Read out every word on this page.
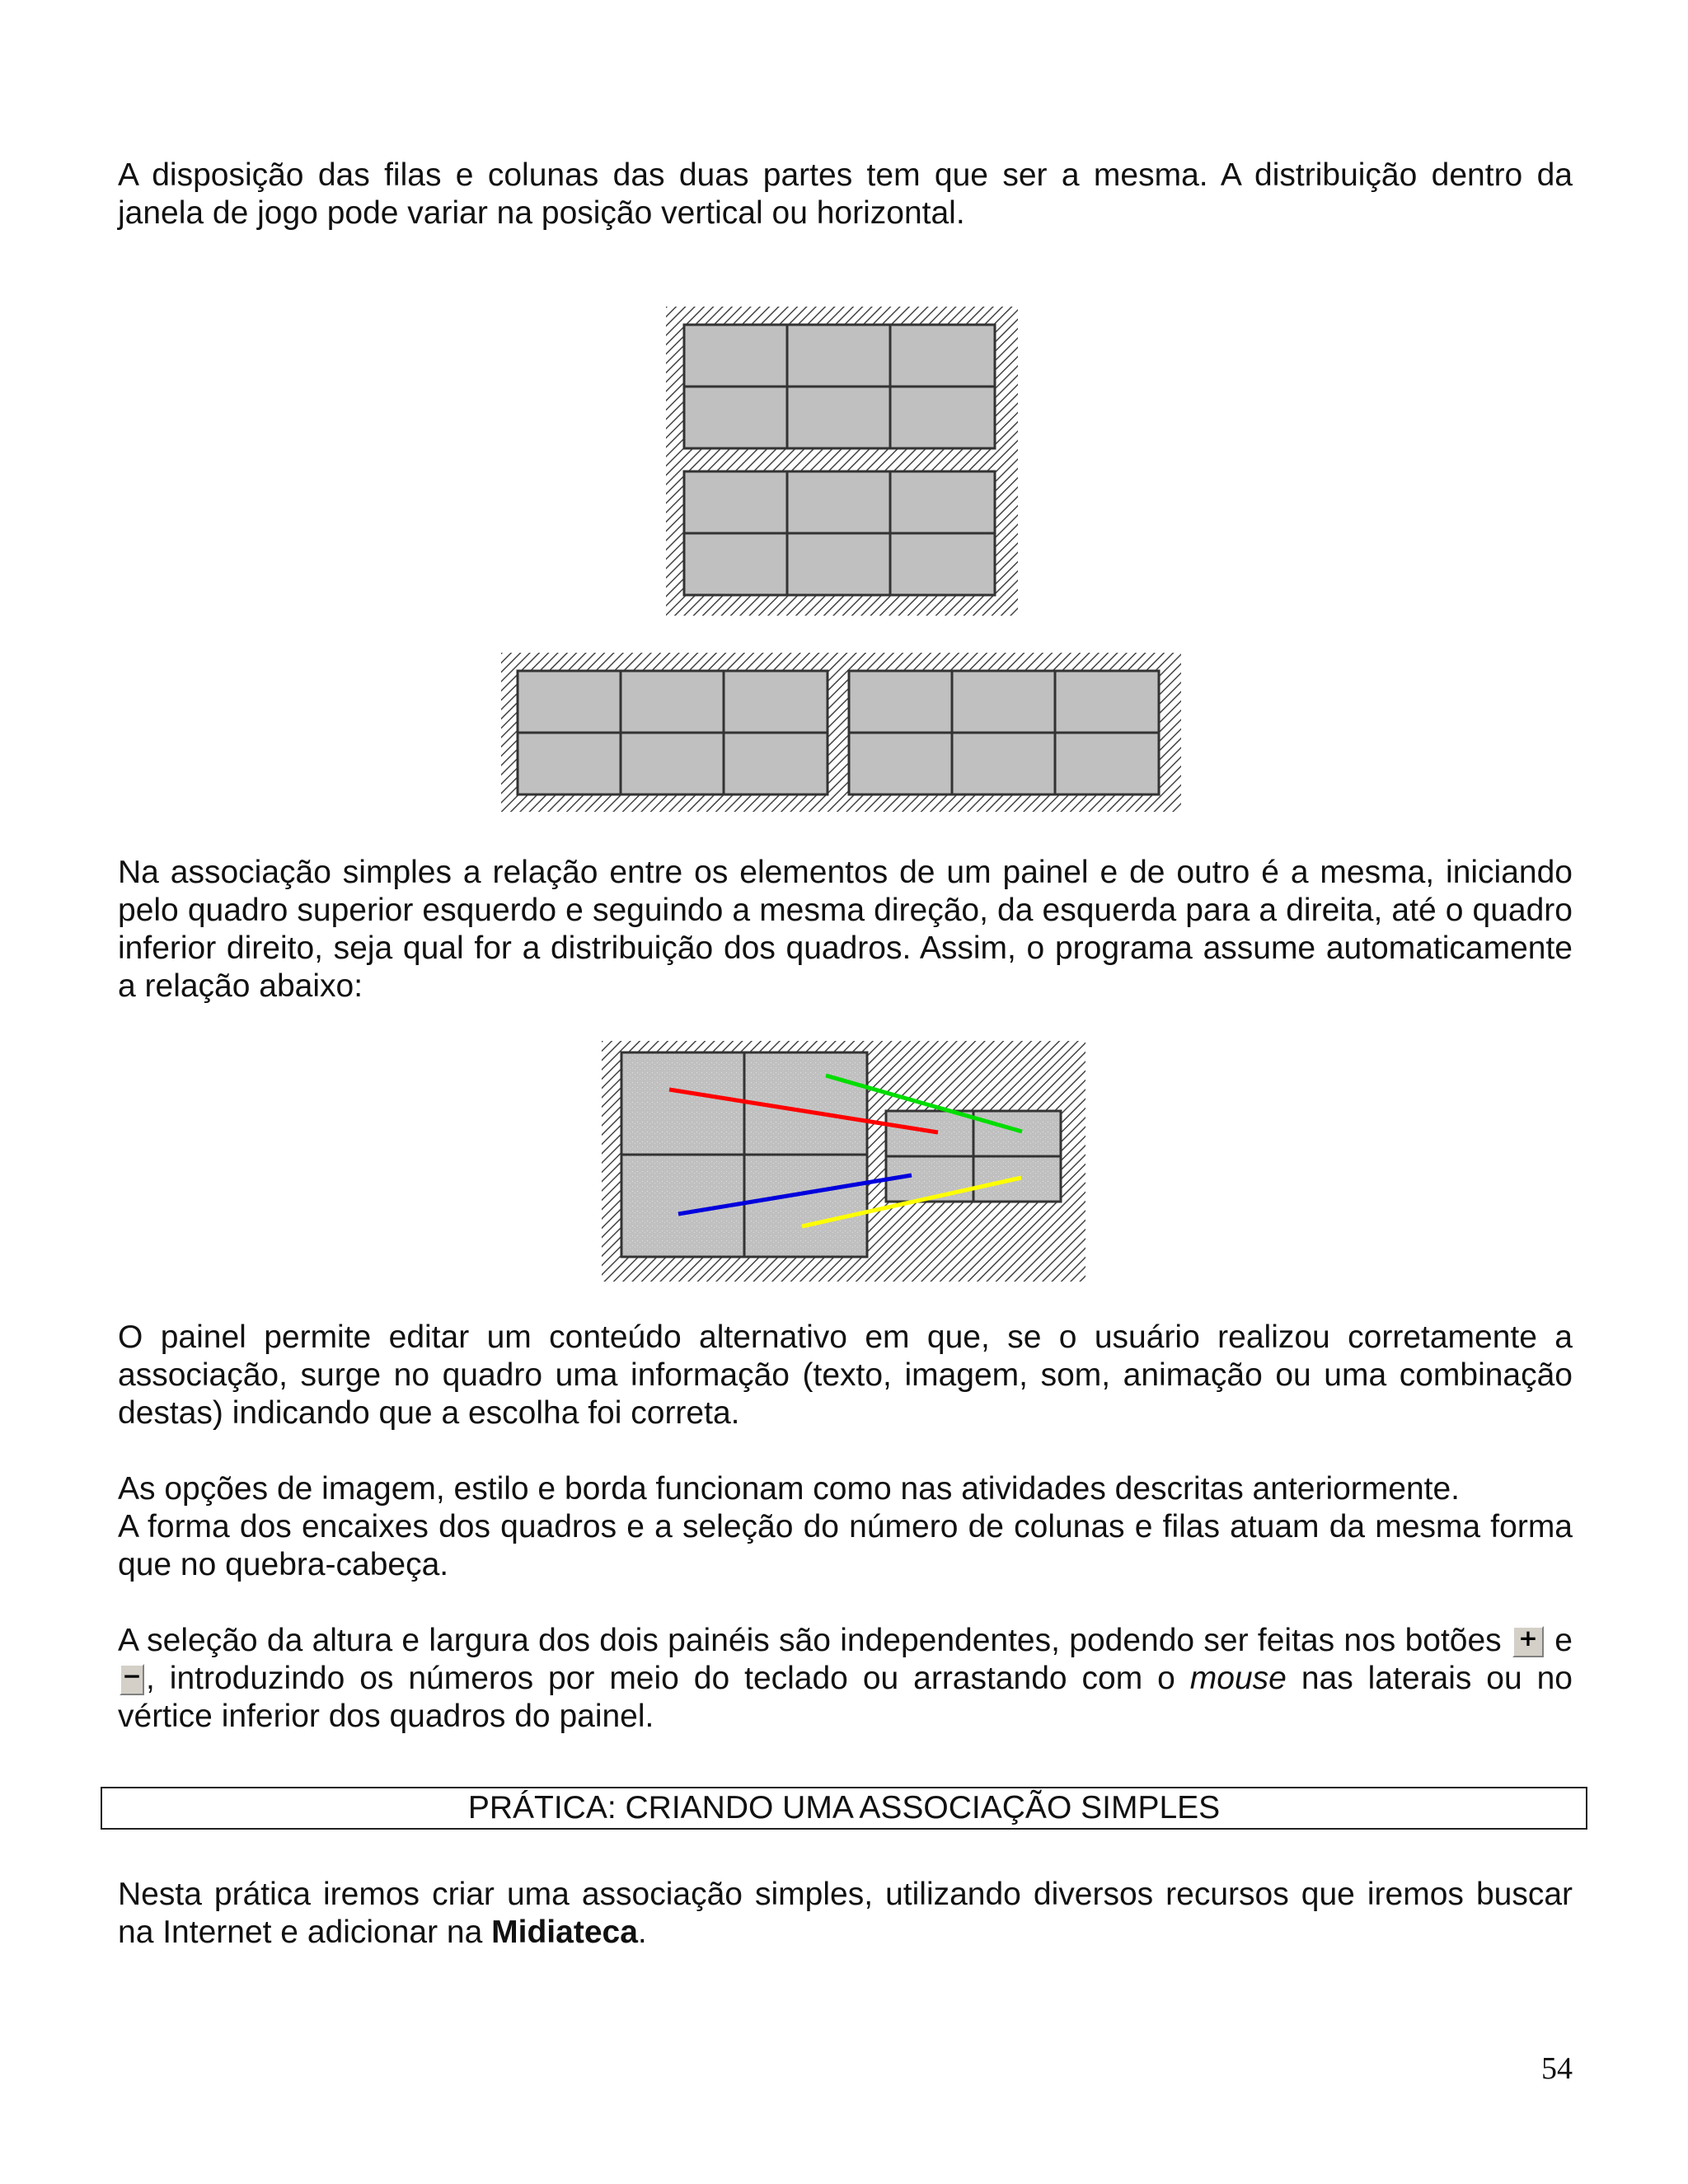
A disposição das filas e colunas das duas partes tem que ser a mesma. A distribuição dentro da janela de jogo pode variar na posição vertical ou horizontal.

Na associação simples a relação entre os elementos de um painel e de outro é a mesma, iniciando pelo quadro superior esquerdo e seguindo a mesma direção, da esquerda para a direita, até o quadro inferior direito, seja qual for a distribuição dos quadros. Assim, o programa assume automaticamente a relação abaixo:

O painel permite editar um conteúdo alternativo em que, se o usuário realizou corretamente a associação, surge no quadro uma informação (texto, imagem, som, animação ou uma combinação destas) indicando que a escolha foi correta.

As opções de imagem, estilo e borda funcionam como nas atividades descritas anteriormente.
A forma dos encaixes dos quadros e a seleção do número de colunas e filas atuam da mesma forma que no quebra-cabeça.

A seleção da altura e largura dos dois painéis são independentes, podendo ser feitas nos botões + e
− , introduzindo os números por meio do teclado ou arrastando com o mouse nas laterais ou no vértice inferior dos quadros do painel.

PRÁTICA: CRIANDO UMA ASSOCIAÇÃO SIMPLES

Nesta prática iremos criar uma associação simples, utilizando diversos recursos que iremos buscar na Internet e adicionar na Midiateca.

54
